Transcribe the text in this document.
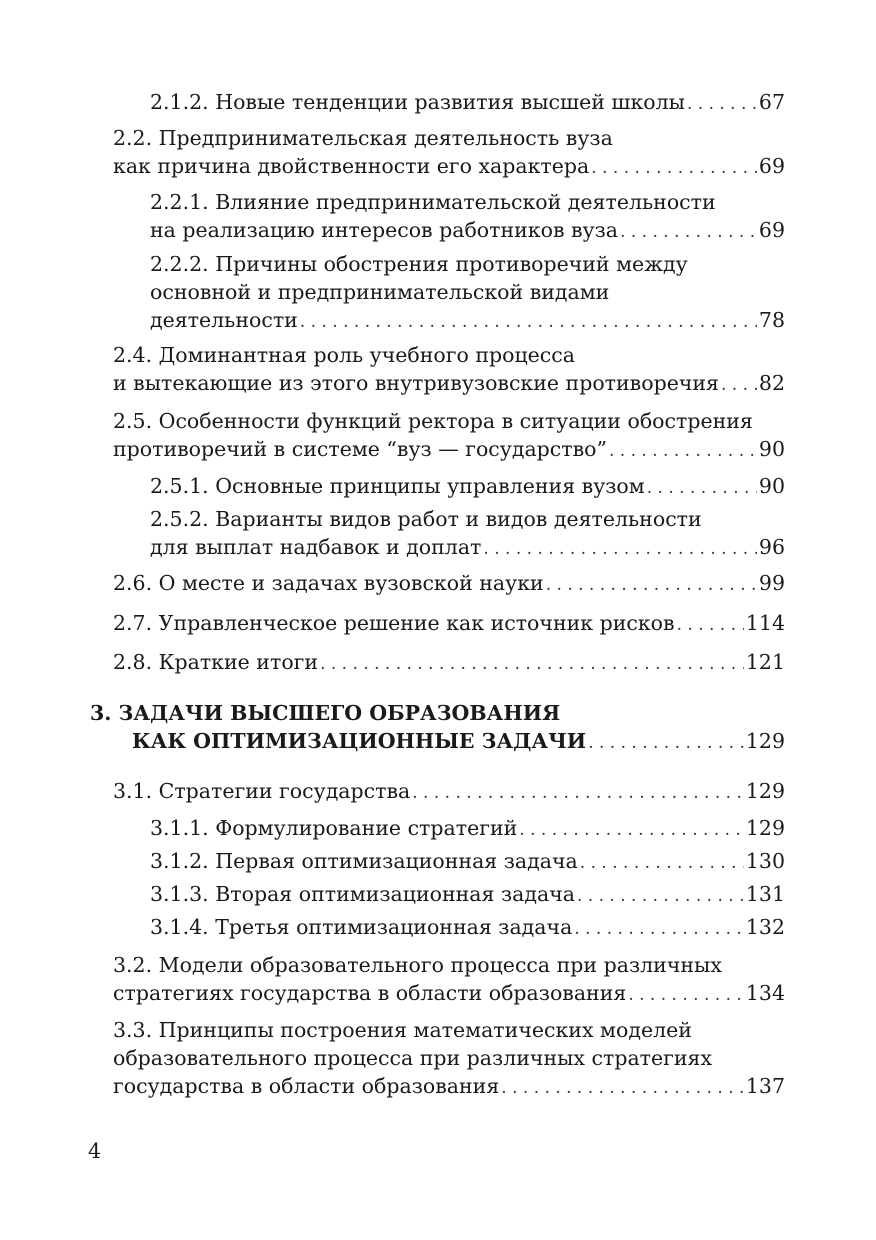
2.1.2. Новые тенденции развития высшей школы . . .	67
2.2. Предпринимательская деятельность вуза
как причина двойственности его характера . . .	69
2.2.1. Влияние предпринимательской деятельности
на реализацию интересов работников вуза . . .	69
2.2.2. Причины обострения противоречий между
основной и предпринимательской видами
деятельности . . .	78
2.4. Доминантная роль учебного процесса
и вытекающие из этого внутривузовские противоречия . . . 82
2.5. Особенности функций ректора в ситуации обострения
противоречий в системе “вуз — государство” . . .	90
2.5.1. Основные принципы управления вузом . . .	90
2.5.2. Варианты видов работ и видов деятельности
для выплат надбавок и доплат . . .	96
2.6. О месте и задачах вузовской науки . . .	99
2.7. Управленческое решение как источник рисков . . .	114
2.8. Краткие итоги . . .	121
3. ЗАДАЧИ ВЫСШЕГО ОБРАЗОВАНИЯ
КАК ОПТИМИЗАЦИОННЫЕ ЗАДАЧИ . . .	129
3.1. Стратегии государства . . .	129
3.1.1. Формулирование стратегий . . .	129
3.1.2. Первая оптимизационная задача . . .	130
3.1.3. Вторая оптимизационная задача . . .	131
3.1.4. Третья оптимизационная задача . . .	132
3.2. Модели образовательного процесса при различных
стратегиях государства в области образования . . .	134
3.3. Принципы построения математических моделей
образовательного процесса при различных стратегиях
государства в области образования . . .	137
4
